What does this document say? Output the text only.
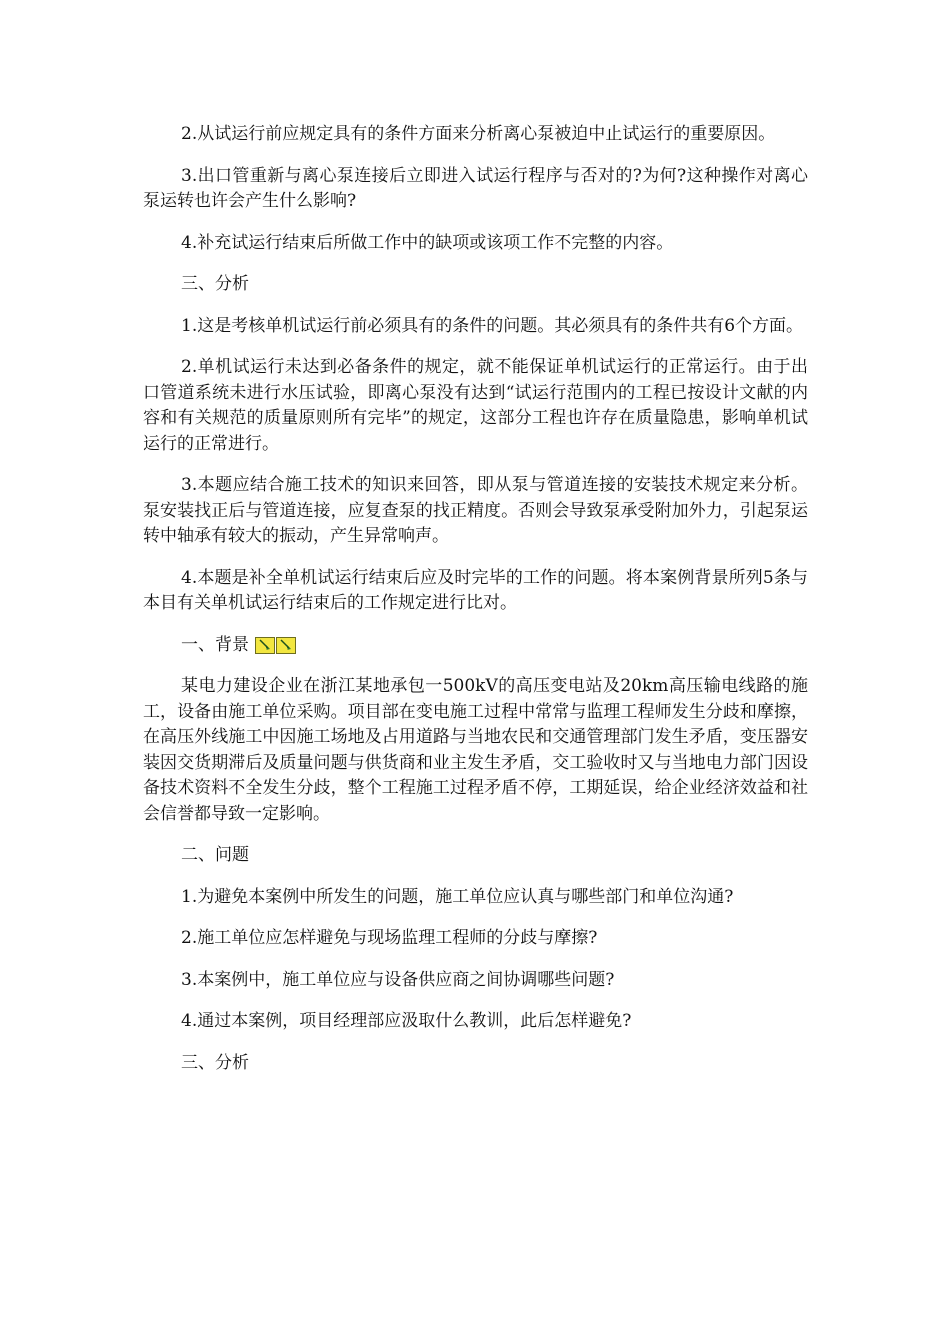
2.从试运行前应规定具有的条件方面来分析离心泵被迫中止试运行的重要原因。

3.出口管重新与离心泵连接后立即进入试运行程序与否对的?为何?这种操作对离心泵运转也许会产生什么影响?

4.补充试运行结束后所做工作中的缺项或该项工作不完整的内容。

三、分析

1.这是考核单机试运行前必须具有的条件的问题。其必须具有的条件共有6个方面。

2.单机试运行未达到必备条件的规定，就不能保证单机试运行的正常运行。由于出口管道系统未进行水压试验，即离心泵没有达到“试运行范围内的工程已按设计文献的内容和有关规范的质量原则所有完毕”的规定，这部分工程也许存在质量隐患，影响单机试运行的正常进行。

3.本题应结合施工技术的知识来回答，即从泵与管道连接的安装技术规定来分析。泵安装找正后与管道连接，应复查泵的找正精度。否则会导致泵承受附加外力，引起泵运转中轴承有较大的振动，产生异常响声。

4.本题是补全单机试运行结束后应及时完毕的工作的问题。将本案例背景所列5条与本目有关单机试运行结束后的工作规定进行比对。

一、背景

某电力建设企业在浙江某地承包一500kV的高压变电站及20km高压输电线路的施工，设备由施工单位采购。项目部在变电施工过程中常常与监理工程师发生分歧和摩擦，在高压外线施工中因施工场地及占用道路与当地农民和交通管理部门发生矛盾，变压器安装因交货期滞后及质量问题与供货商和业主发生矛盾，交工验收时又与当地电力部门因设备技术资料不全发生分歧，整个工程施工过程矛盾不停，工期延误，给企业经济效益和社会信誉都导致一定影响。

二、问题

1.为避免本案例中所发生的问题，施工单位应认真与哪些部门和单位沟通?

2.施工单位应怎样避免与现场监理工程师的分歧与摩擦?

3.本案例中，施工单位应与设备供应商之间协调哪些问题?

4.通过本案例，项目经理部应汲取什么教训，此后怎样避免?

三、分析
